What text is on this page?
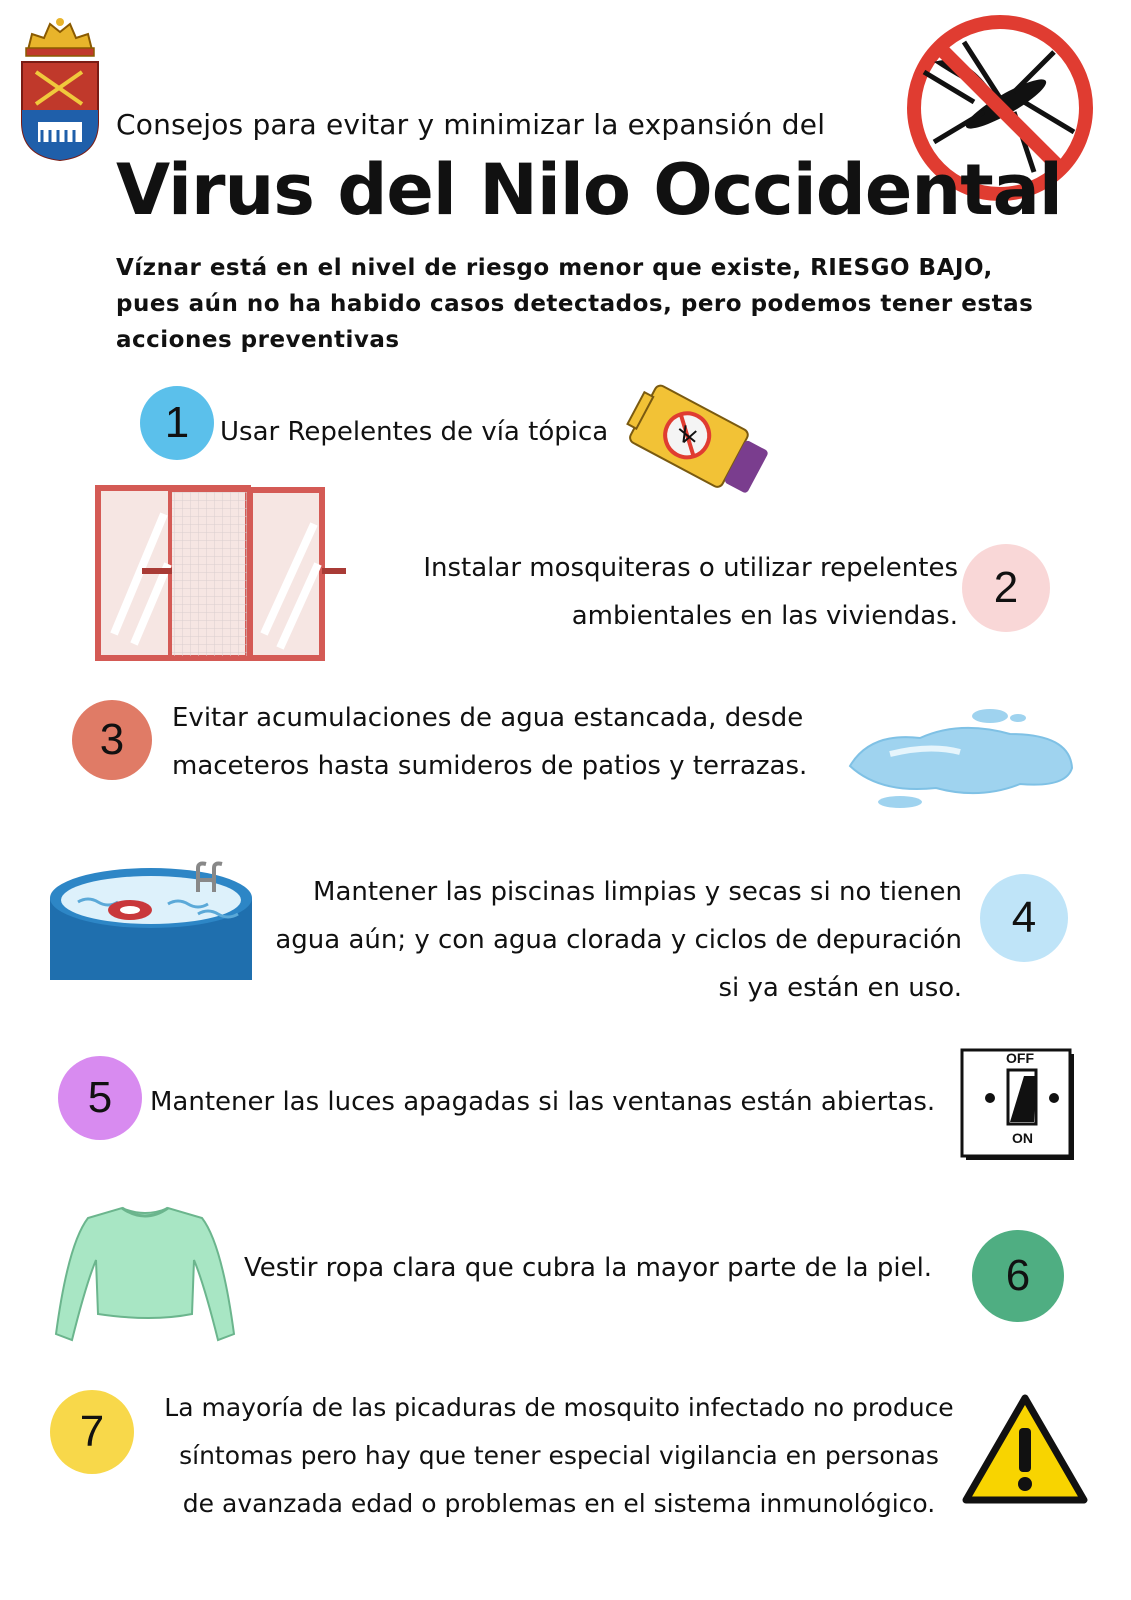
Consejos para evitar y minimizar la expansión del
Virus del Nilo Occidental
Víznar está en el nivel de riesgo menor que existe, RIESGO BAJO, pues aún no ha habido casos detectados, pero podemos tener estas acciones preventivas
1 Usar Repelentes de vía tópica
Instalar mosquiteras o utilizar repelentes
ambientales en las viviendas.
2
3 Evitar acumulaciones de agua estancada, desde
maceteros hasta sumideros de patios y terrazas.
Mantener las piscinas limpias y secas si no tienen
agua aún; y con agua clorada y ciclos de depuración
si ya están en uso.
4
5 Mantener las luces apagadas si las ventanas están abiertas.
OFF
ON
Vestir ropa clara que cubra la mayor parte de la piel. 6
7	La mayoría de las picaduras de mosquito infectado no produce
síntomas pero hay que tener especial vigilancia en personas
de avanzada edad o problemas en el sistema inmunológico.
